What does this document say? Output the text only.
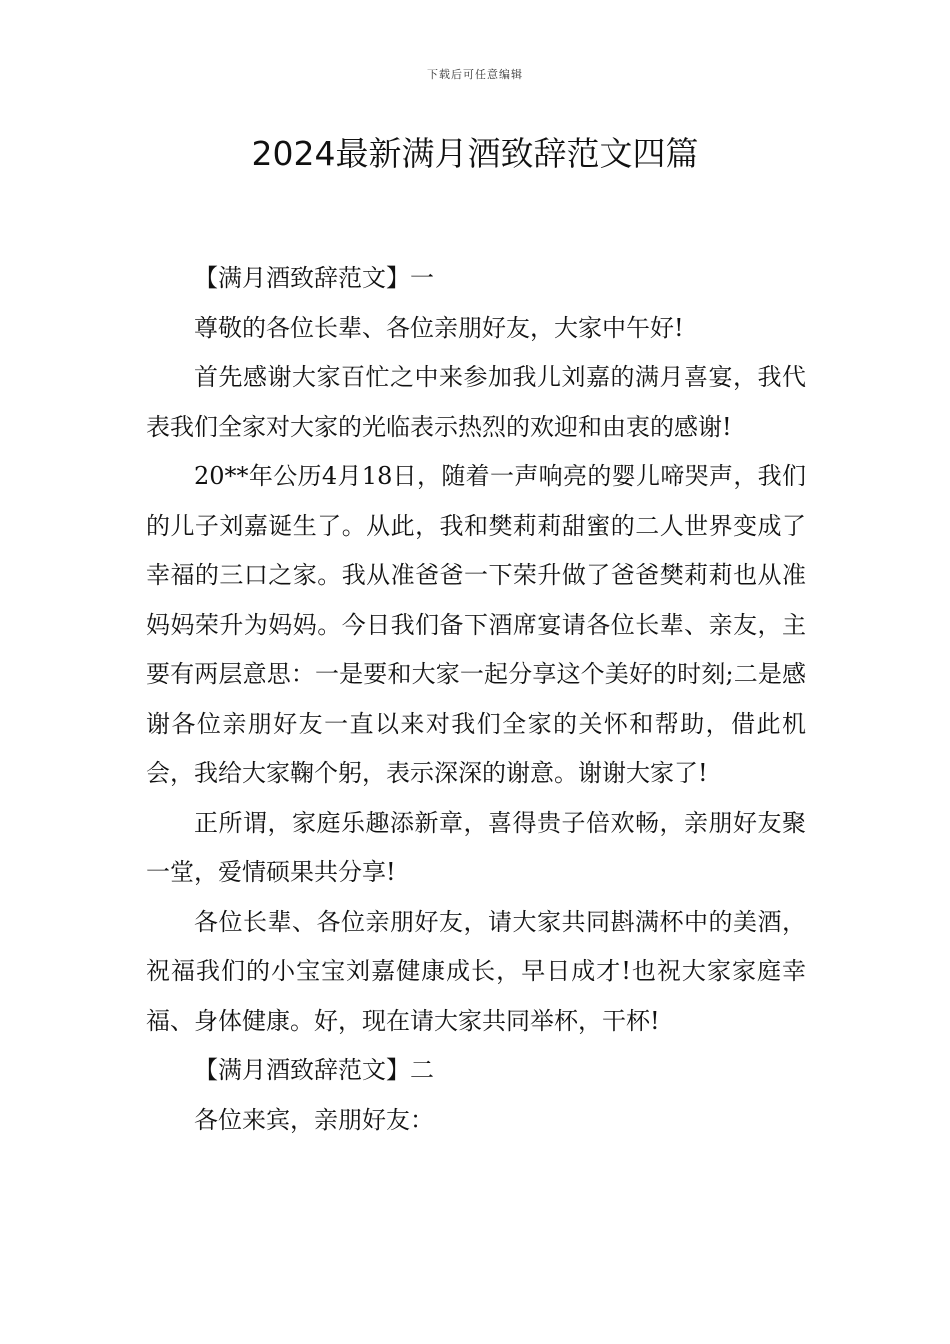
下载后可任意编辑
2024最新满月酒致辞范文四篇

【满月酒致辞范文】一

尊敬的各位长辈、各位亲朋好友，大家中午好!

首先感谢大家百忙之中来参加我儿刘嘉的满月喜宴，我代表我们全家对大家的光临表示热烈的欢迎和由衷的感谢!

20**年公历4月18日，随着一声响亮的婴儿啼哭声，我们的儿子刘嘉诞生了。从此，我和樊莉莉甜蜜的二人世界变成了幸福的三口之家。我从准爸爸一下荣升做了爸爸樊莉莉也从准妈妈荣升为妈妈。今日我们备下酒席宴请各位长辈、亲友，主要有两层意思：一是要和大家一起分享这个美好的时刻;二是感谢各位亲朋好友一直以来对我们全家的关怀和帮助，借此机会，我给大家鞠个躬，表示深深的谢意。谢谢大家了!

正所谓，家庭乐趣添新章，喜得贵子倍欢畅，亲朋好友聚一堂，爱情硕果共分享!

各位长辈、各位亲朋好友，请大家共同斟满杯中的美酒，祝福我们的小宝宝刘嘉健康成长，早日成才!也祝大家家庭幸福、身体健康。好，现在请大家共同举杯，干杯!

【满月酒致辞范文】二

各位来宾，亲朋好友：
